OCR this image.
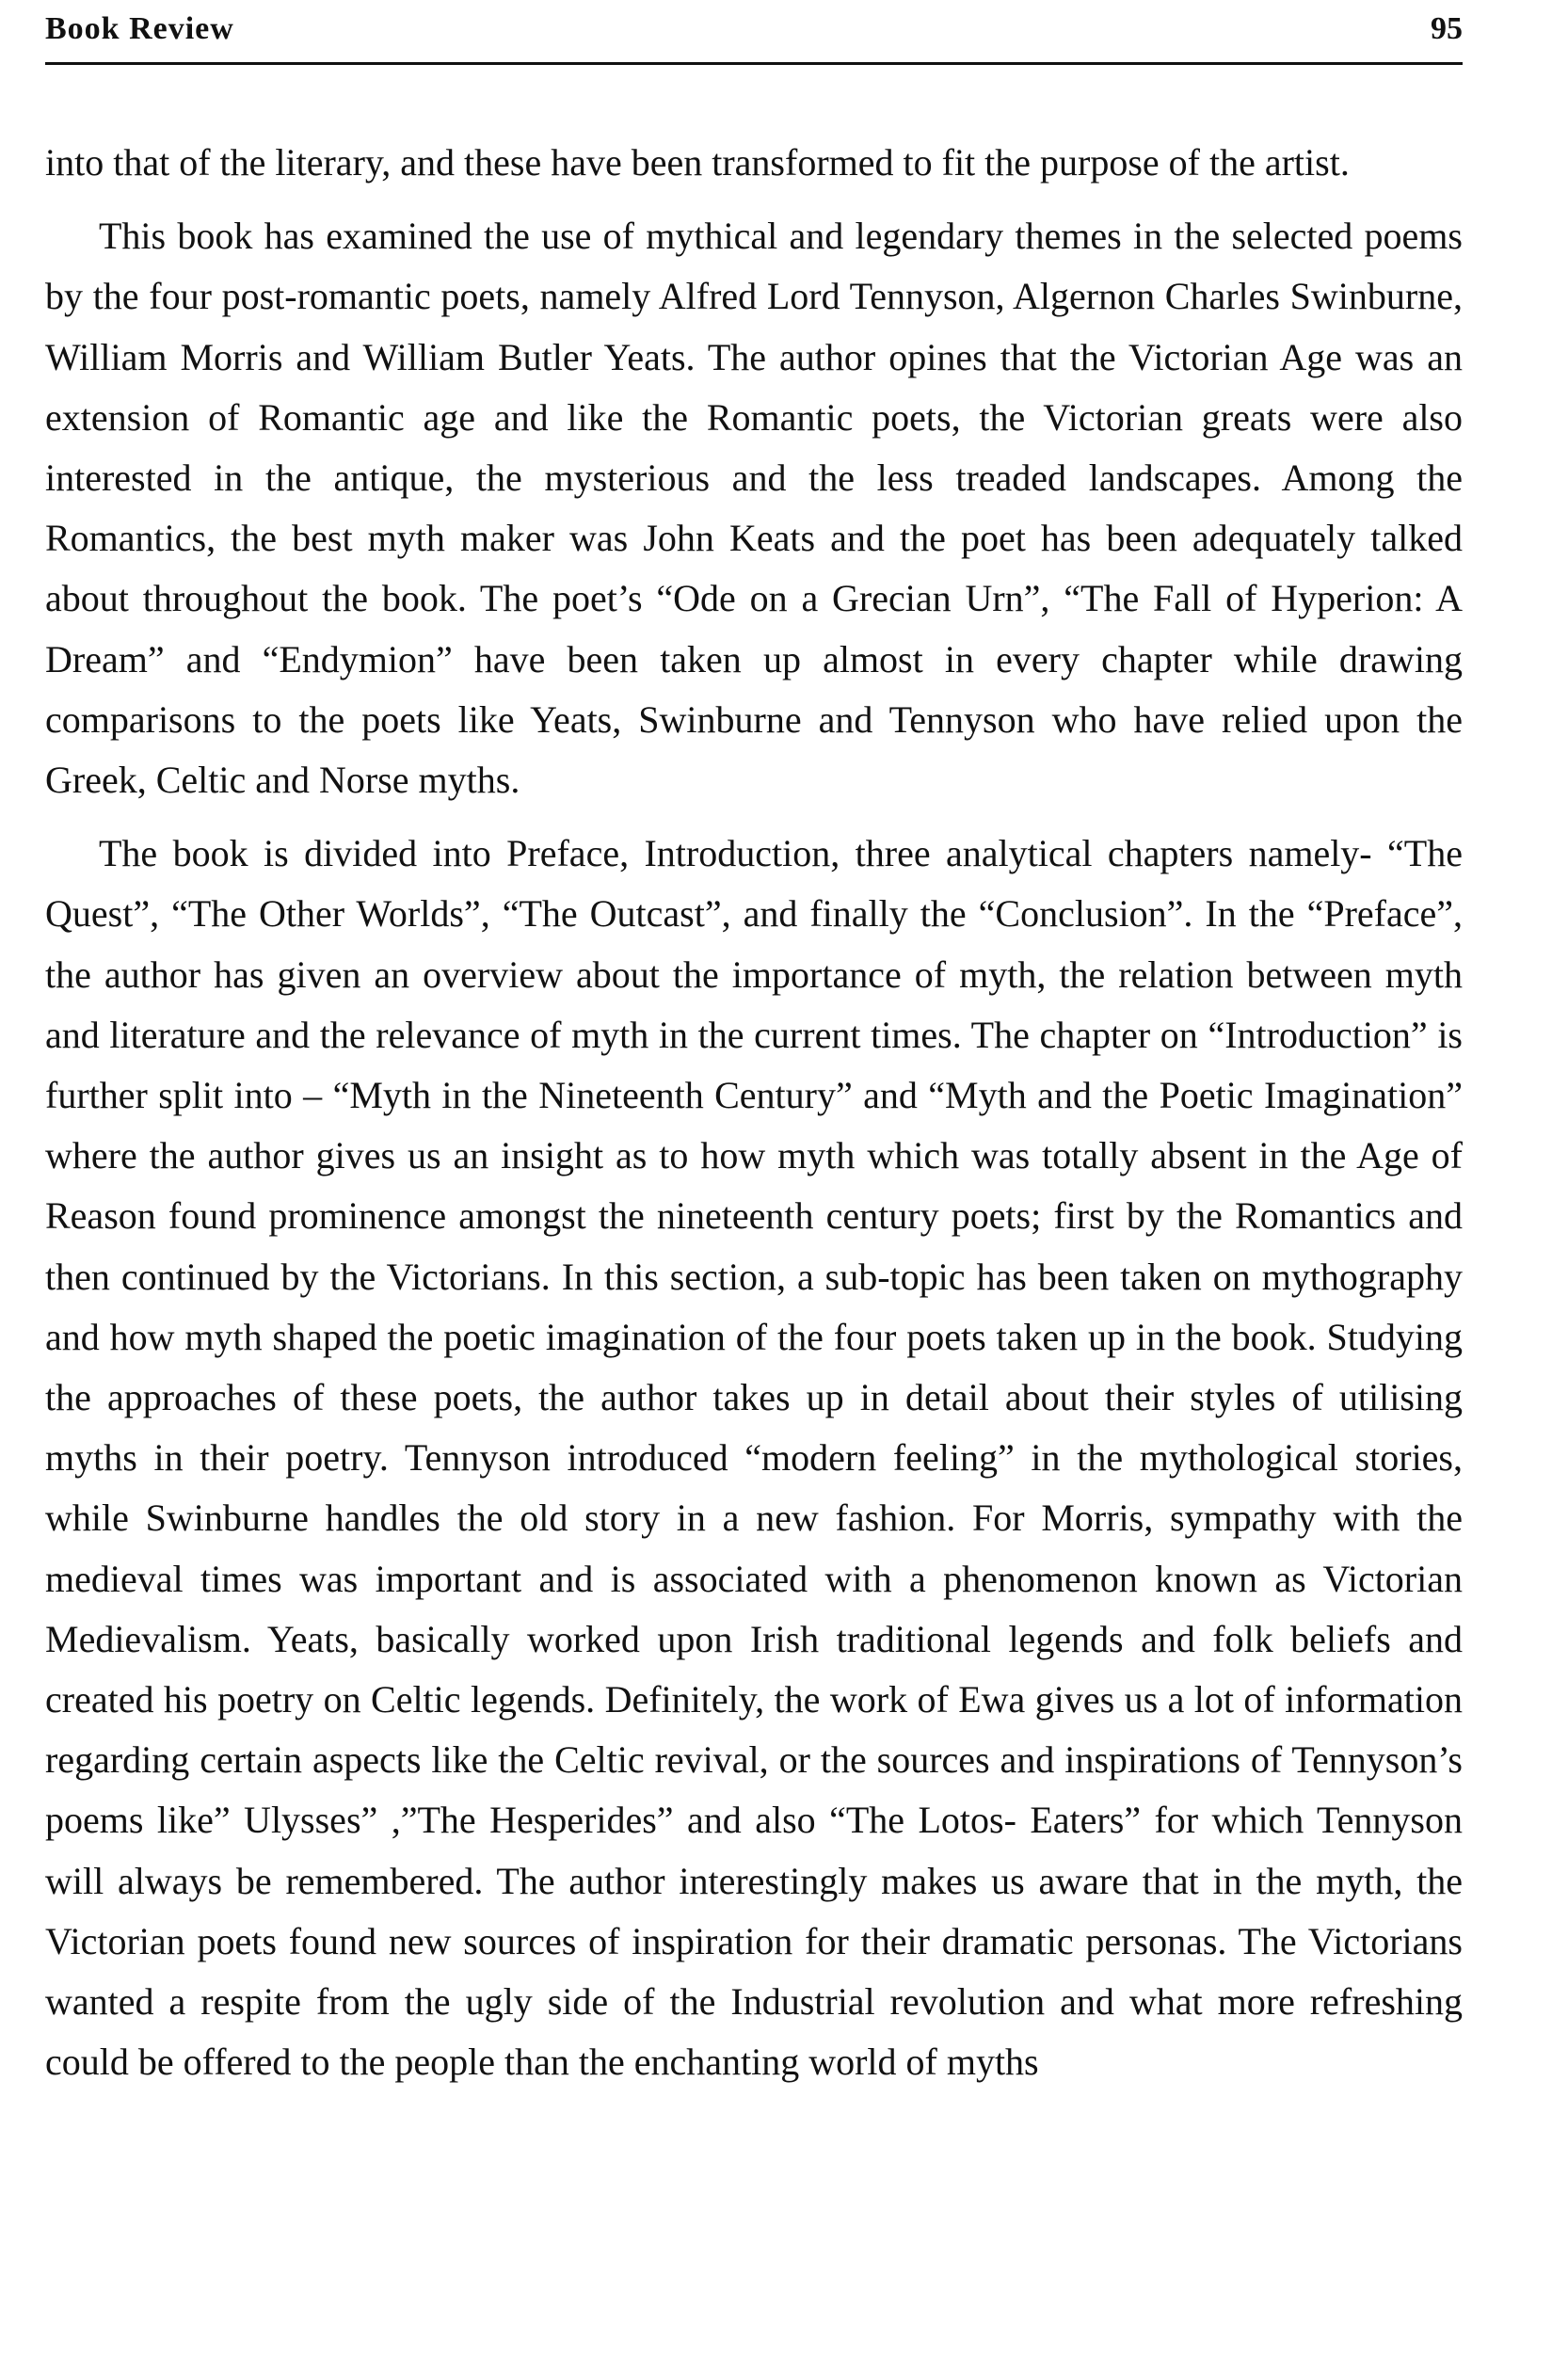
Book Review	95

into that of the literary, and these have been transformed to fit the purpose of the artist.

This book has examined the use of mythical and legendary themes in the selected poems by the four post-romantic poets, namely Alfred Lord Tennyson, Algernon Charles Swinburne, William Morris and William Butler Yeats. The author opines that the Victorian Age was an extension of Romantic age and like the Romantic poets, the Victorian greats were also interested in the antique, the mysterious and the less treaded landscapes. Among the Romantics, the best myth maker was John Keats and the poet has been adequately talked about throughout the book. The poet’s “Ode on a Grecian Urn”, “The Fall of Hyperion: A Dream” and “Endymion” have been taken up almost in every chapter while drawing comparisons to the poets like Yeats, Swinburne and Tennyson who have relied upon the Greek, Celtic and Norse myths.

The book is divided into Preface, Introduction, three analytical chapters namely- “The Quest”, “The Other Worlds”, “The Outcast”, and finally the “Conclusion”. In the “Preface”, the author has given an overview about the importance of myth, the relation between myth and literature and the relevance of myth in the current times. The chapter on “Introduction” is further split into – “Myth in the Nineteenth Century” and “Myth and the Poetic Imagination” where the author gives us an insight as to how myth which was totally absent in the Age of Reason found prominence amongst the nineteenth century poets; first by the Romantics and then continued by the Victorians. In this section, a sub-topic has been taken on mythography and how myth shaped the poetic imagination of the four poets taken up in the book. Studying the approaches of these poets, the author takes up in detail about their styles of utilising myths in their poetry. Tennyson introduced “modern feeling” in the mythological stories, while Swinburne handles the old story in a new fashion. For Morris, sympathy with the medieval times was important and is associated with a phenomenon known as Victorian Medievalism. Yeats, basically worked upon Irish traditional legends and folk beliefs and created his poetry on Celtic legends. Definitely, the work of Ewa gives us a lot of information regarding certain aspects like the Celtic revival, or the sources and inspirations of Tennyson’s poems like” Ulysses” ,”The Hesperides” and also “The Lotos- Eaters” for which Tennyson will always be remembered. The author interestingly makes us aware that in the myth, the Victorian poets found new sources of inspiration for their dramatic personas. The Victorians wanted a respite from the ugly side of the Industrial revolution and what more refreshing could be offered to the people than the enchanting world of myths
